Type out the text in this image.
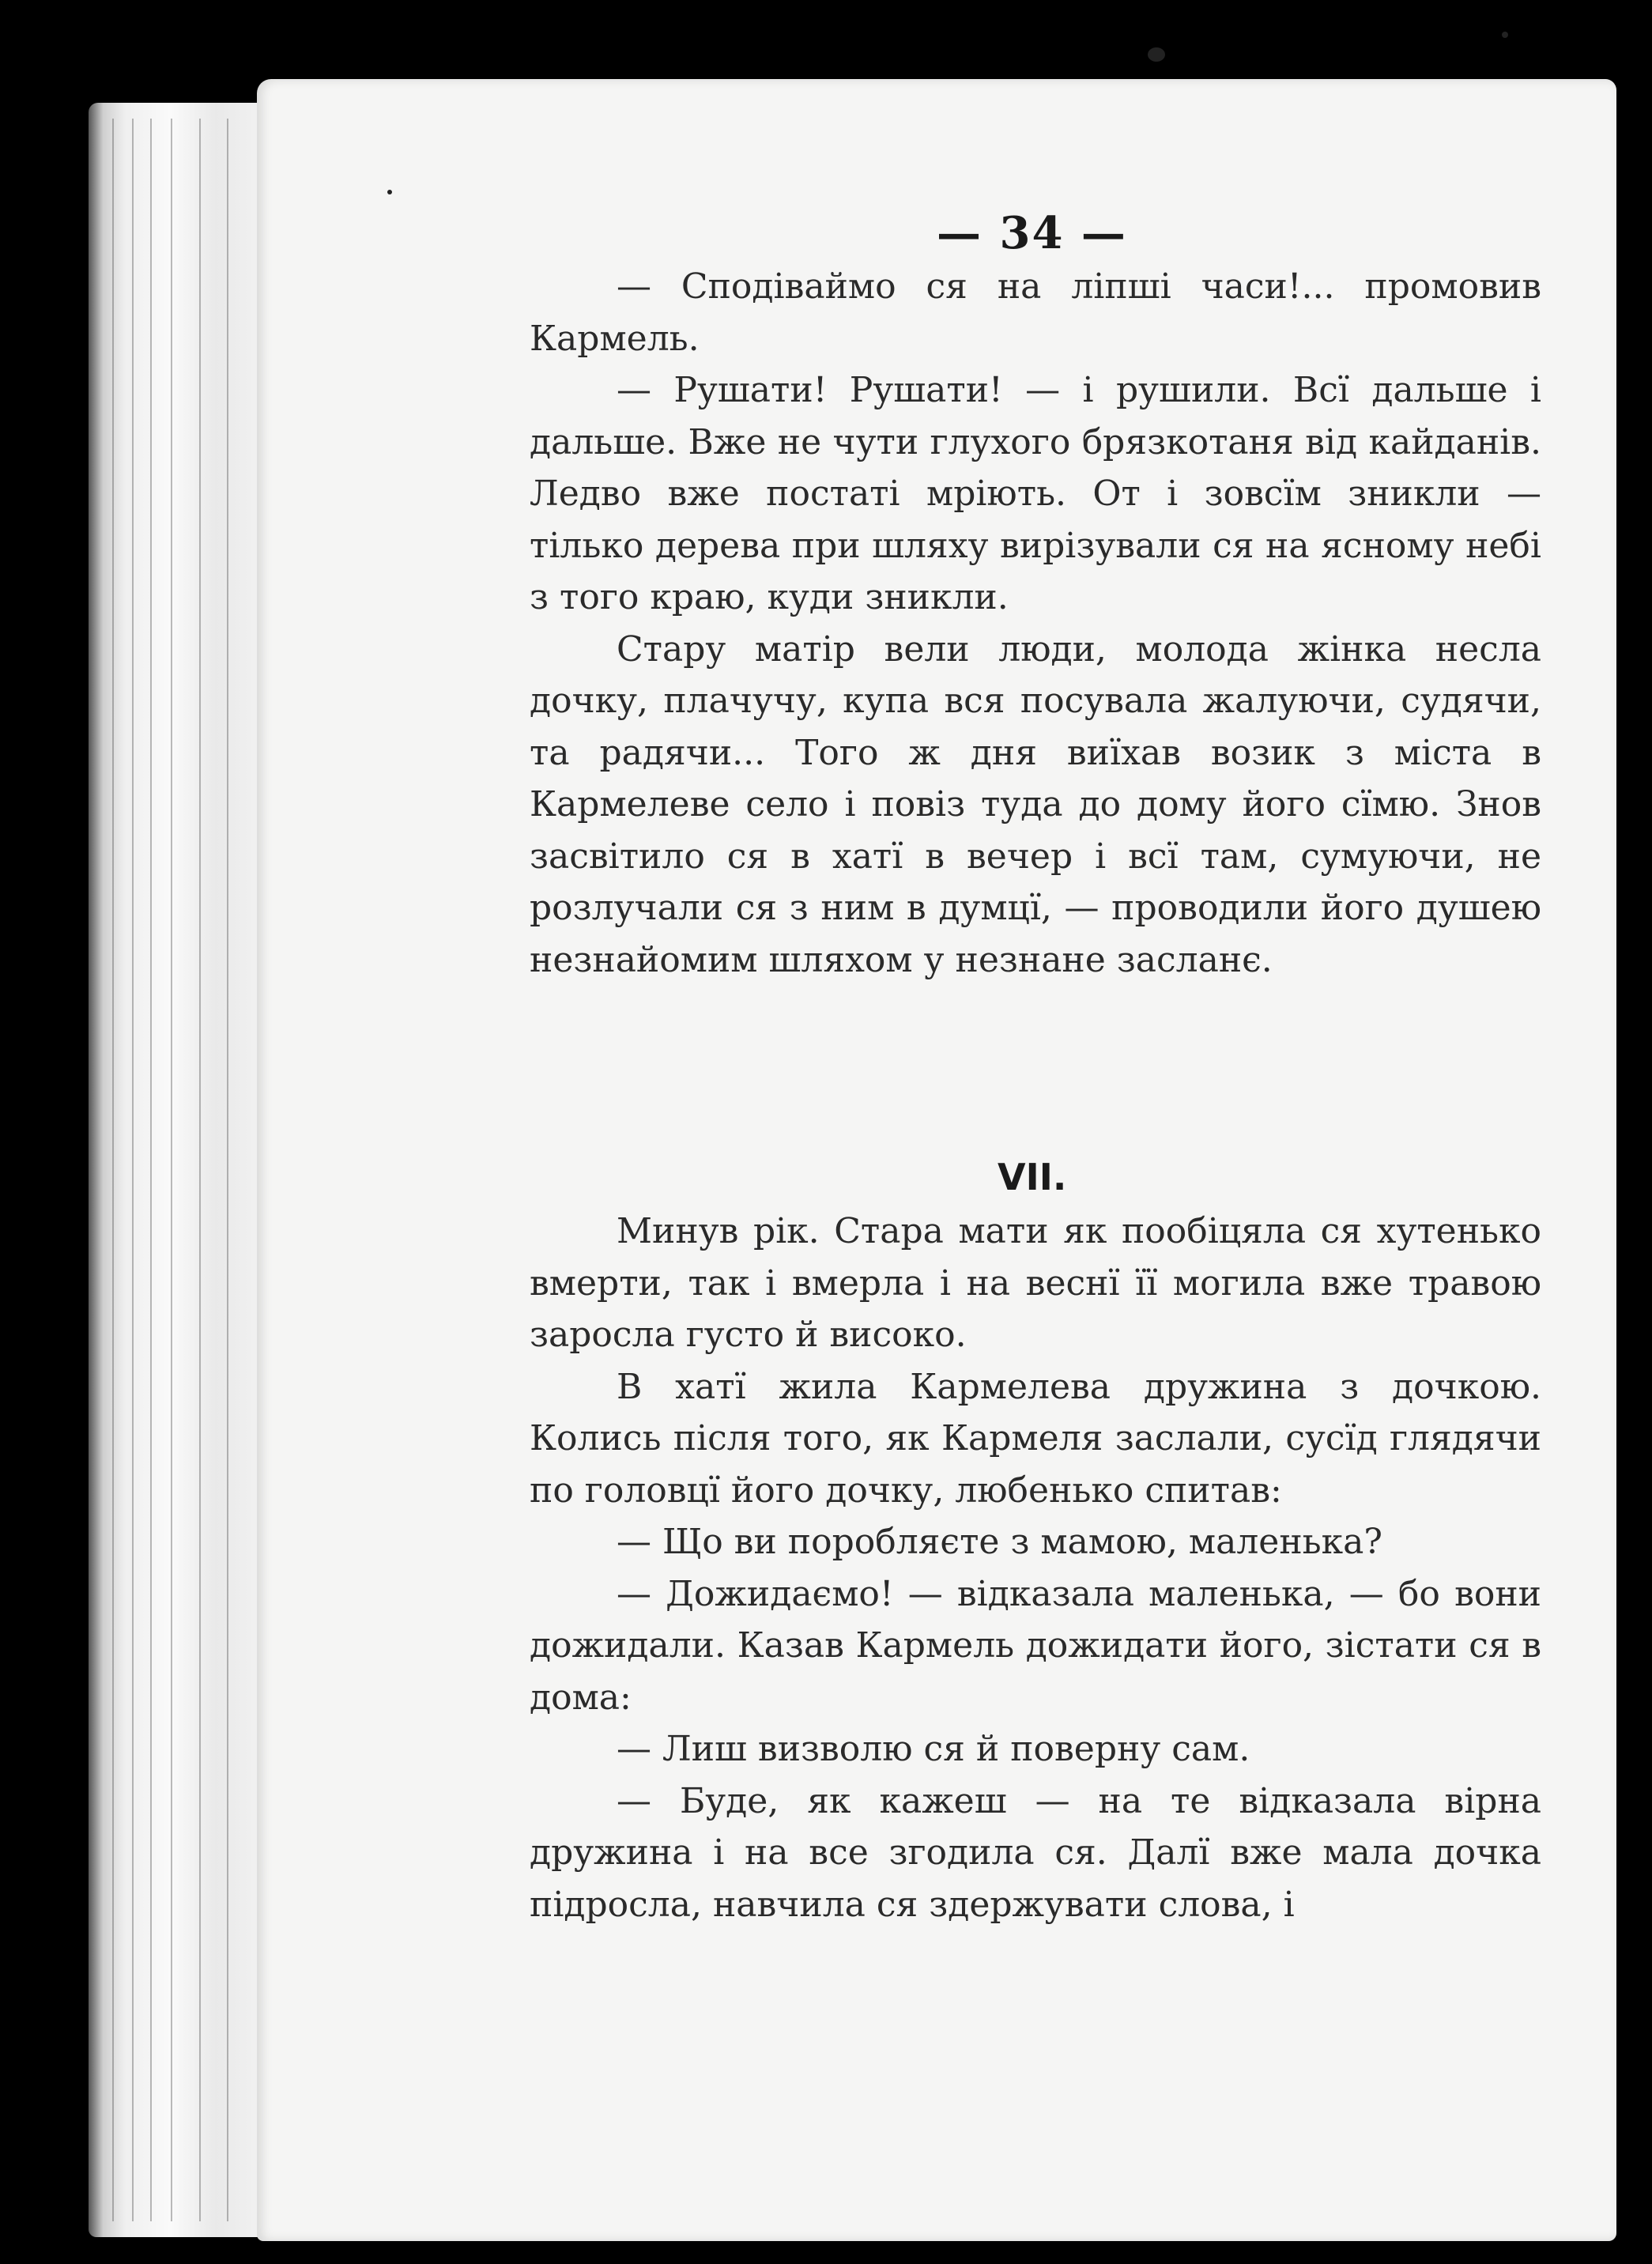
— 34 —

— Сподіваймо ся на ліпші часи!... промовив Кармель.

— Рушати! Рушати! — і рушили. Всї дальше і дальше. Вже не чути глухого брязкотаня від кайданів. Ледво вже постаті мріють. От і зовсїм зникли — тілько дерева при шляху вирізували ся на ясному небі з того краю, куди зникли.

Стару матір вели люди, молода жінка несла дочку, плачучу, купа вся посувала жалуючи, судячи, та радячи... Того ж дня виїхав возик з міста в Кармелеве село і повіз туда до дому його сїмю. Знов засвітило ся в хатї в вечер і всї там, сумуючи, не розлучали ся з ним в думцї, — проводили його душею незнайомим шляхом у незнане засланє.

VII.

Минув рік. Стара мати як пообіцяла ся хутенько вмерти, так і вмерла і на веснї її могила вже травою заросла густо й високо.

В хатї жила Кармелева дружина з дочкою. Колись після того, як Кармеля заслали, сусїд глядячи по головцї його дочку, любенько спитав:

— Що ви поробляєте з мамою, маленька?

— Дожидаємо! — відказала маленька, — бо вони дожидали. Казав Кармель дожидати його, зістати ся в дома:

— Лиш визволю ся й поверну сам.

— Буде, як кажеш — на те відказала вірна дружина і на все згодила ся. Далї вже мала дочка підросла, навчила ся здержувати слова, і
